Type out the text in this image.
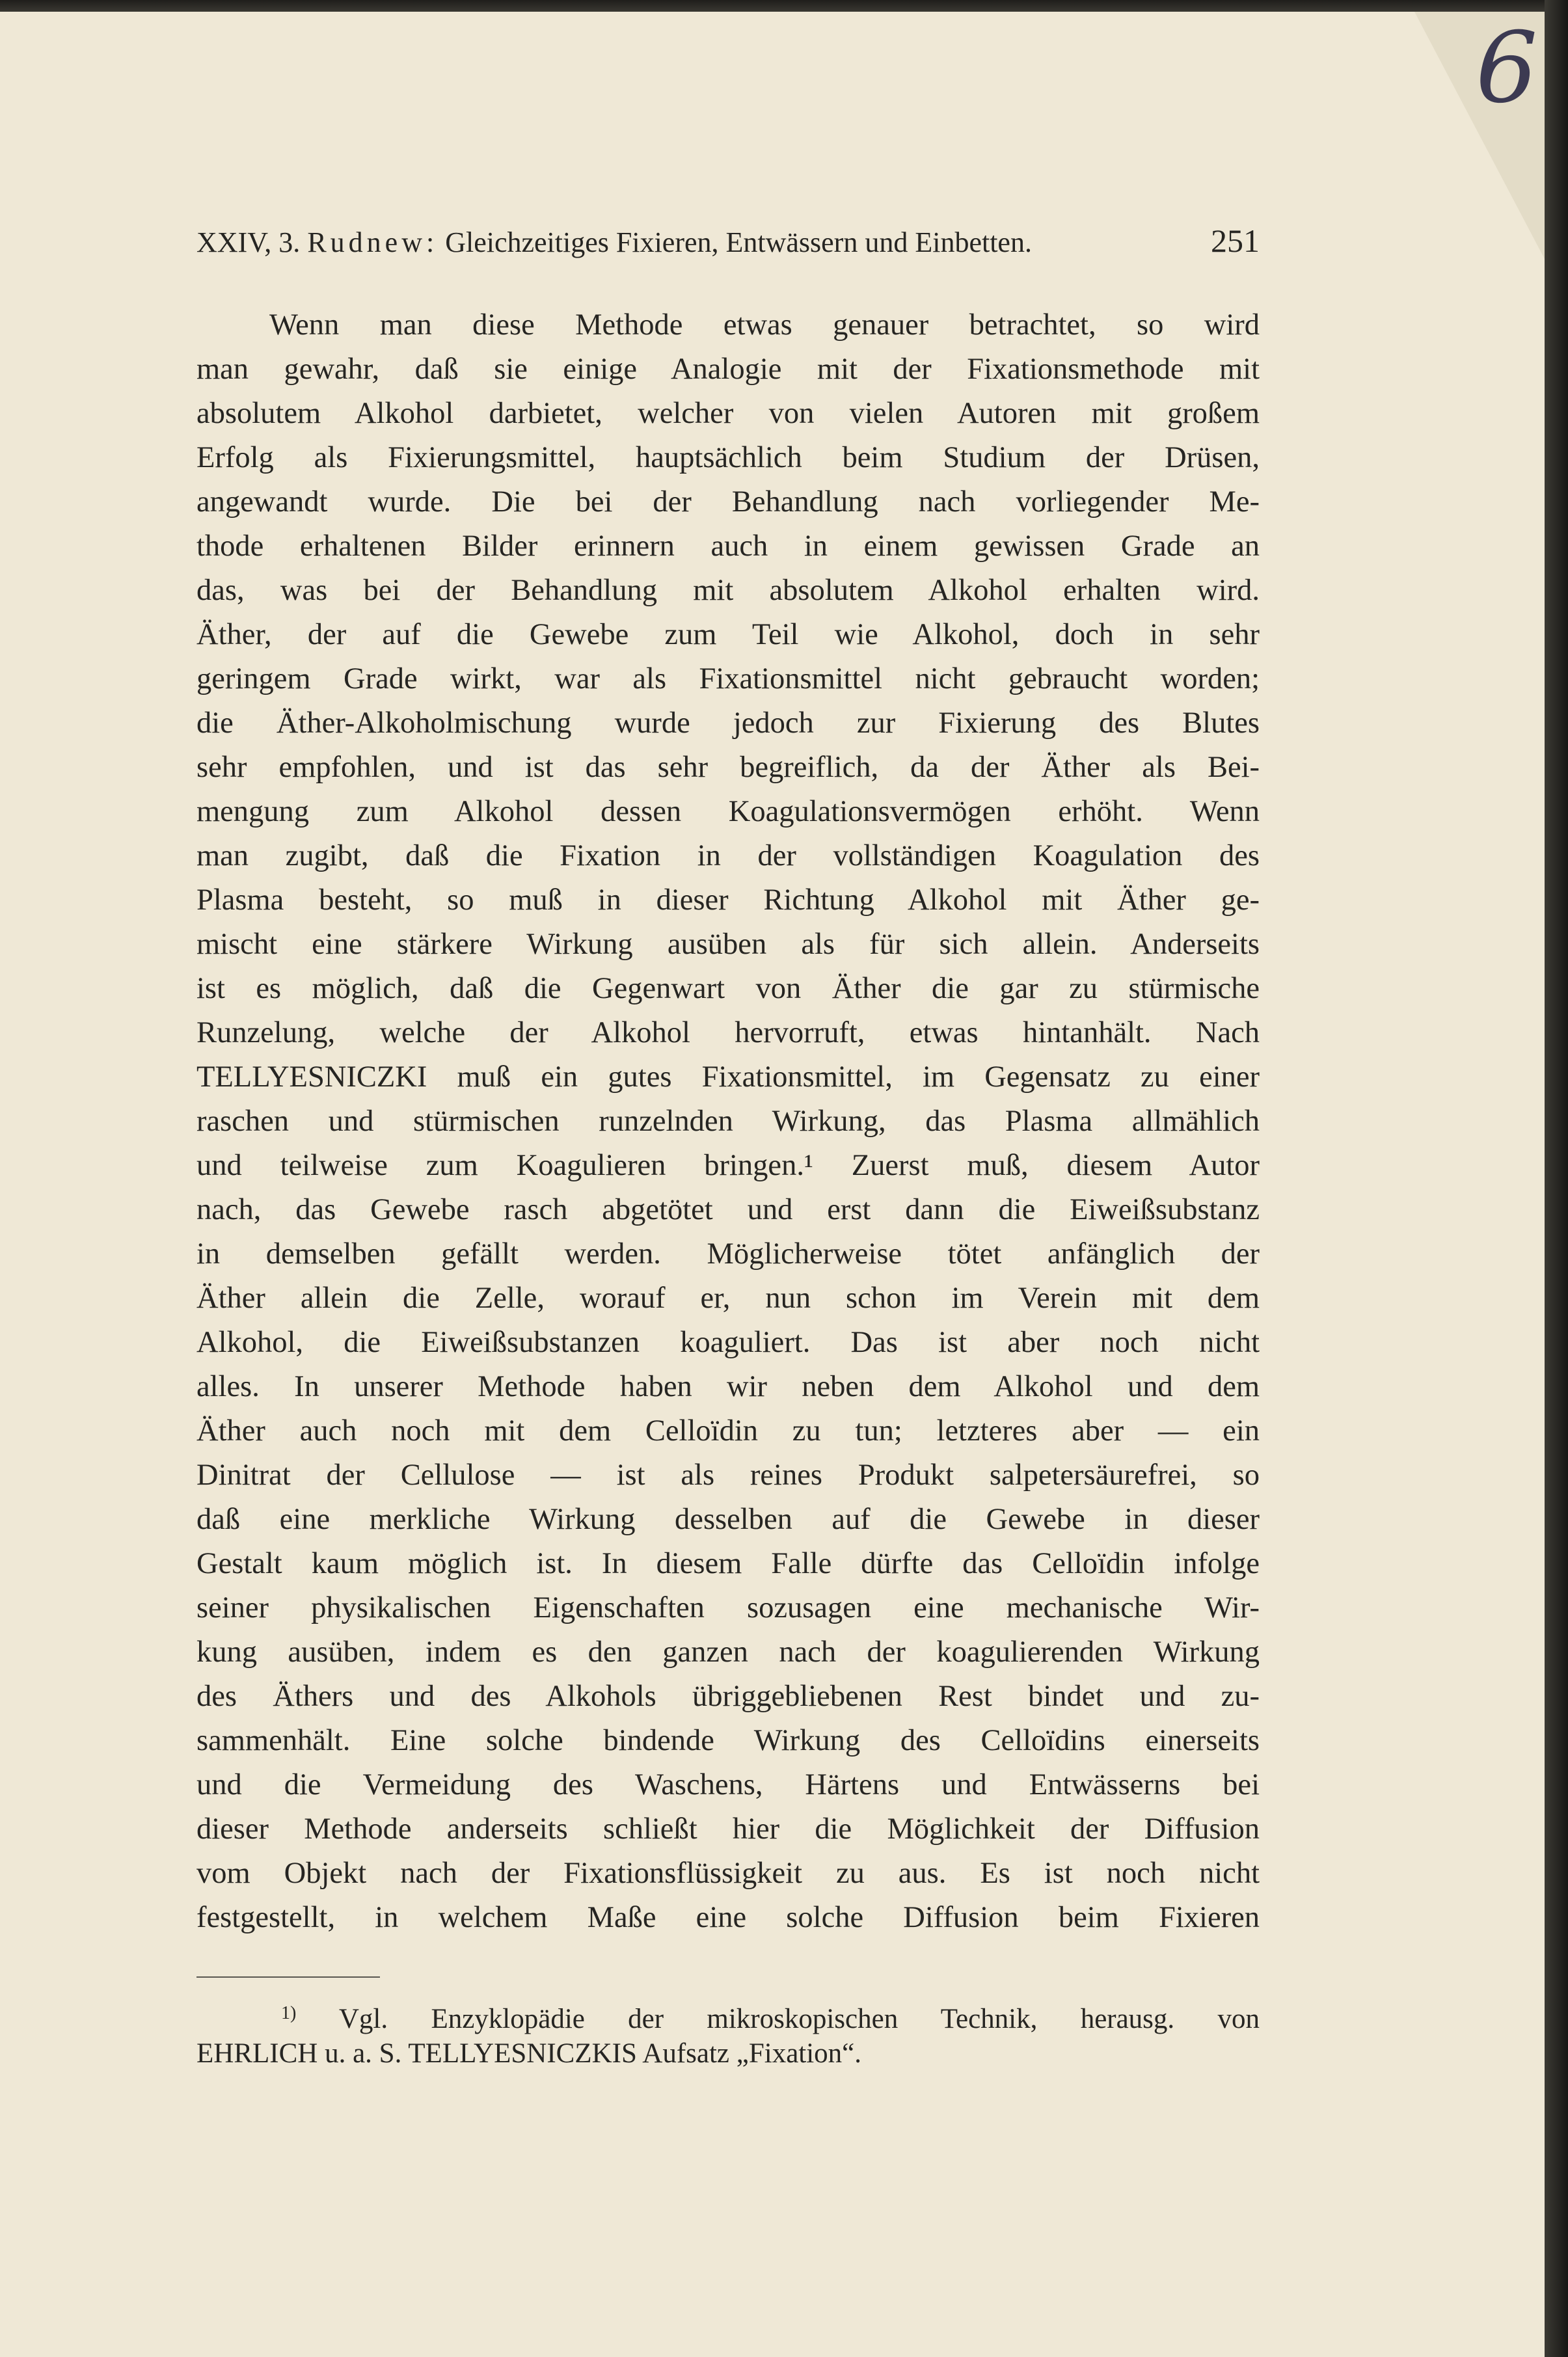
6
XXIV, 3. Rudnew: Gleichzeitiges Fixieren, Entwässern und Einbetten.	251
Wenn man diese Methode etwas genauer betrachtet, so wird
man gewahr, daß sie einige Analogie mit der Fixationsmethode mit
absolutem Alkohol darbietet, welcher von vielen Autoren mit großem
Erfolg als Fixierungsmittel, hauptsächlich beim Studium der Drüsen,
angewandt wurde. Die bei der Behandlung nach vorliegender Me-
thode erhaltenen Bilder erinnern auch in einem gewissen Grade an
das, was bei der Behandlung mit absolutem Alkohol erhalten wird.
Äther, der auf die Gewebe zum Teil wie Alkohol, doch in sehr
geringem Grade wirkt, war als Fixationsmittel nicht gebraucht worden;
die Äther-Alkoholmischung wurde jedoch zur Fixierung des Blutes
sehr empfohlen, und ist das sehr begreiflich, da der Äther als Bei-
mengung zum Alkohol dessen Koagulationsvermögen erhöht. Wenn
man zugibt, daß die Fixation in der vollständigen Koagulation des
Plasma besteht, so muß in dieser Richtung Alkohol mit Äther ge-
mischt eine stärkere Wirkung ausüben als für sich allein. Anderseits
ist es möglich, daß die Gegenwart von Äther die gar zu stürmische
Runzelung, welche der Alkohol hervorruft, etwas hintanhält. Nach
TELLYESNICZKI muß ein gutes Fixationsmittel, im Gegensatz zu einer
raschen und stürmischen runzelnden Wirkung, das Plasma allmählich
und teilweise zum Koagulieren bringen.¹ Zuerst muß, diesem Autor
nach, das Gewebe rasch abgetötet und erst dann die Eiweißsubstanz
in demselben gefällt werden. Möglicherweise tötet anfänglich der
Äther allein die Zelle, worauf er, nun schon im Verein mit dem
Alkohol, die Eiweißsubstanzen koaguliert. Das ist aber noch nicht
alles. In unserer Methode haben wir neben dem Alkohol und dem
Äther auch noch mit dem Celloïdin zu tun; letzteres aber — ein
Dinitrat der Cellulose — ist als reines Produkt salpetersäurefrei, so
daß eine merkliche Wirkung desselben auf die Gewebe in dieser
Gestalt kaum möglich ist. In diesem Falle dürfte das Celloïdin infolge
seiner physikalischen Eigenschaften sozusagen eine mechanische Wir-
kung ausüben, indem es den ganzen nach der koagulierenden Wirkung
des Äthers und des Alkohols übriggebliebenen Rest bindet und zu-
sammenhält. Eine solche bindende Wirkung des Celloïdins einerseits
und die Vermeidung des Waschens, Härtens und Entwässerns bei
dieser Methode anderseits schließt hier die Möglichkeit der Diffusion
vom Objekt nach der Fixationsflüssigkeit zu aus. Es ist noch nicht
festgestellt, in welchem Maße eine solche Diffusion beim Fixieren
$^{1)}$ Vgl. Enzyklopädie der mikroskopischen Technik, herausg. von
EHRLICH u. a. S. TELLYESNICZKIS Aufsatz „Fixation“.
